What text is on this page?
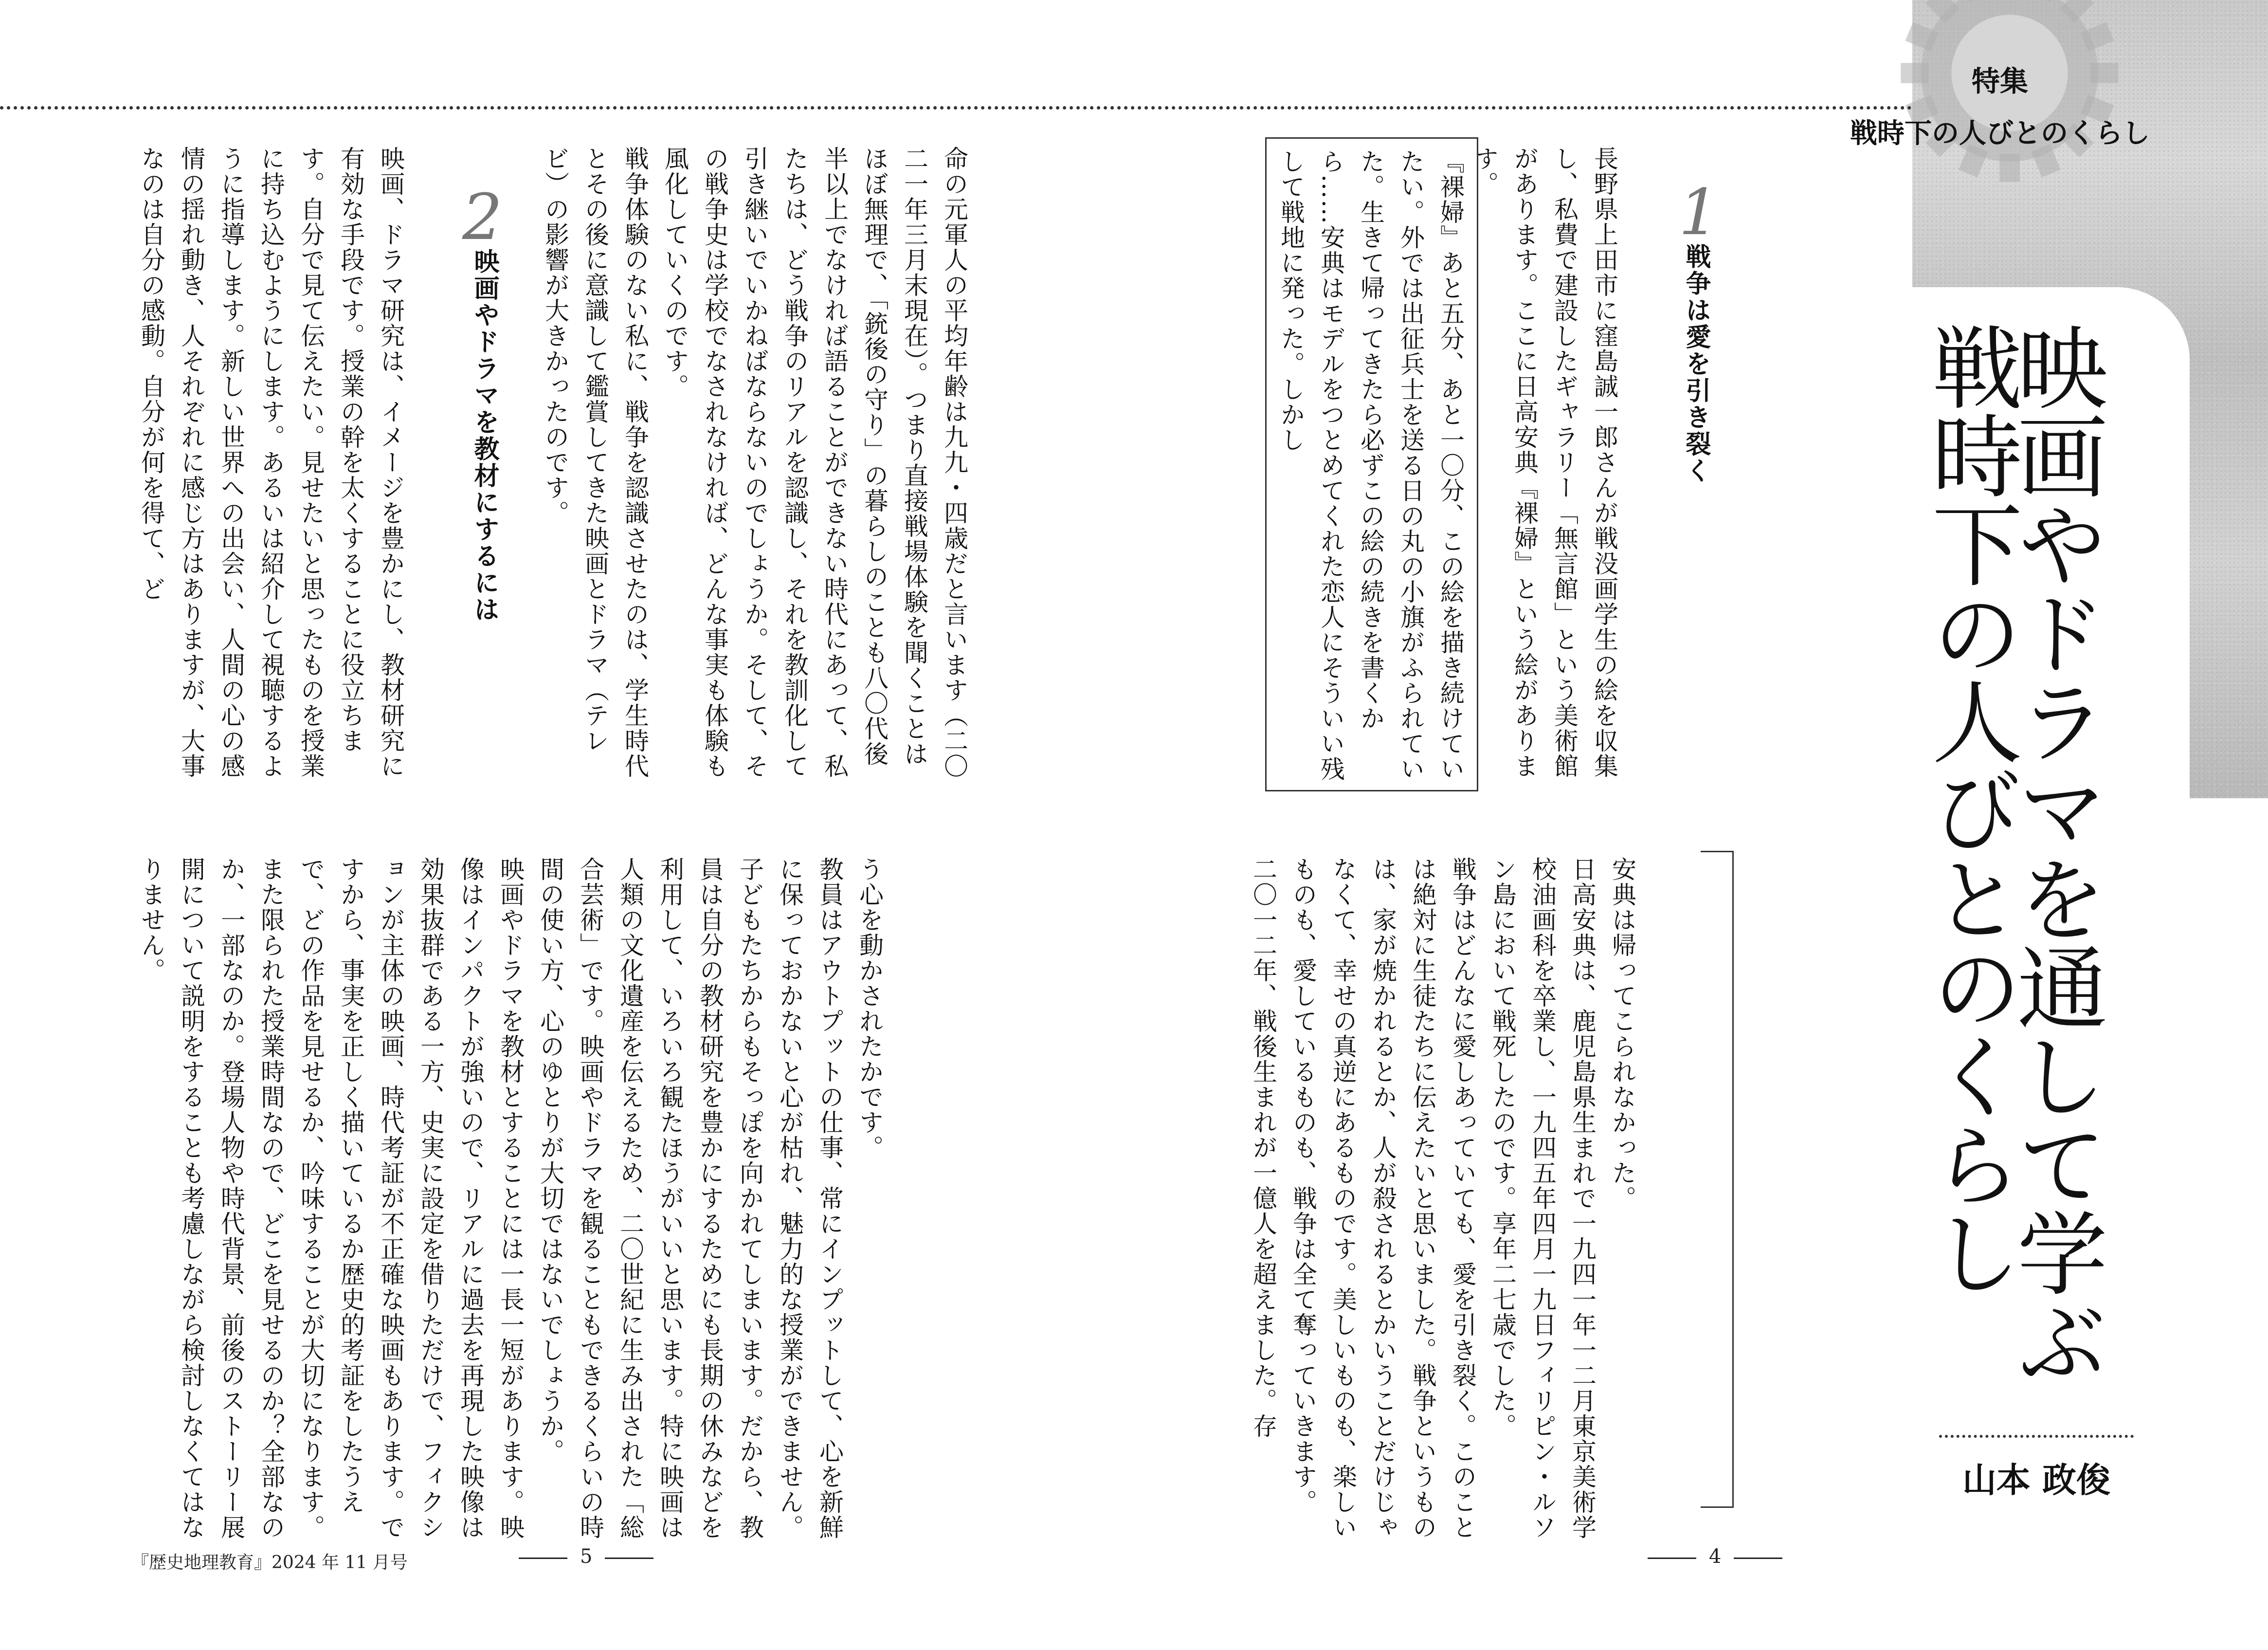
特集
戦時下の人びとのくらし
映画やドラマを通して学ぶ
戦時下の人びとのくらし
山本 政俊
1
戦争は愛を引き裂く

長野県上田市に窪島誠一郎さんが戦没画学生の絵を収集し、私費で建設したギャラリー「無言館」という美術館があります。ここに日高安典『裸婦』という絵があります。

『裸婦』あと五分、あと一〇分、この絵を描き続けていたい。外では出征兵士を送る日の丸の小旗がふられていた。生きて帰ってきたら必ずこの絵の続きを書くから……安典はモデルをつとめてくれた恋人にそういい残して戦地に発った。しかし

安典は帰ってこられなかった。

日高安典は、鹿児島県生まれで一九四一年一二月東京美術学校油画科を卒業し、一九四五年四月一九日フィリピン・ルソン島において戦死したのです。享年二七歳でした。

戦争はどんなに愛しあっていても、愛を引き裂く。このことは絶対に生徒たちに伝えたいと思いました。戦争というものは、家が焼かれるとか、人が殺されるとかいうことだけじゃなくて、幸せの真逆にあるものです。美しいものも、楽しいものも、愛しているものも、戦争は全て奪っていきます。

二〇一二年、戦後生まれが一億人を超えました。存

命の元軍人の平均年齢は九九・四歳だと言います（二〇二一年三月末現在）。つまり直接戦場体験を聞くことはほぼ無理で、「銃後の守り」の暮らしのことも八〇代後半以上でなければ語ることができない時代にあって、私たちは、どう戦争のリアルを認識し、それを教訓化して引き継いでいかねばならないのでしょうか。そして、その戦争史は学校でなされなければ、どんな事実も体験も風化していくのです。

戦争体験のない私に、戦争を認識させたのは、学生時代とその後に意識して鑑賞してきた映画とドラマ（テレビ）の影響が大きかったのです。

2
映画やドラマを教材にするには

映画、ドラマ研究は、イメージを豊かにし、教材研究に有効な手段です。授業の幹を太くすることに役立ちます。自分で見て伝えたい。見せたいと思ったものを授業に持ち込むようにします。あるいは紹介して視聴するように指導します。新しい世界への出会い、人間の心の感情の揺れ動き、人それぞれに感じ方はありますが、大事なのは自分の感動。自分が何を得て、ど

う心を動かされたかです。

教員はアウトプットの仕事、常にインプットして、心を新鮮に保っておかないと心が枯れ、魅力的な授業ができません。子どもたちからもそっぽを向かれてしまいます。だから、教員は自分の教材研究を豊かにするためにも長期の休みなどを利用して、いろいろ観たほうがいいと思います。特に映画は人類の文化遺産を伝えるため、二〇世紀に生み出された「総合芸術」です。映画やドラマを観ることもできるくらいの時間の使い方、心のゆとりが大切ではないでしょうか。

映画やドラマを教材とすることには一長一短があります。映像はインパクトが強いので、リアルに過去を再現した映像は効果抜群である一方、史実に設定を借りただけで、フィクションが主体の映画、時代考証が不正確な映画もあります。ですから、事実を正しく描いているか歴史的考証をしたうえで、どの作品を見せるか、吟味することが大切になります。また限られた授業時間なので、どこを見せるのか？全部なのか、一部なのか。登場人物や時代背景、前後のストーリー展開について説明をすることも考慮しながら検討しなくてはなりません。

『歴史地理教育』2024 年 11 月号	5	4
